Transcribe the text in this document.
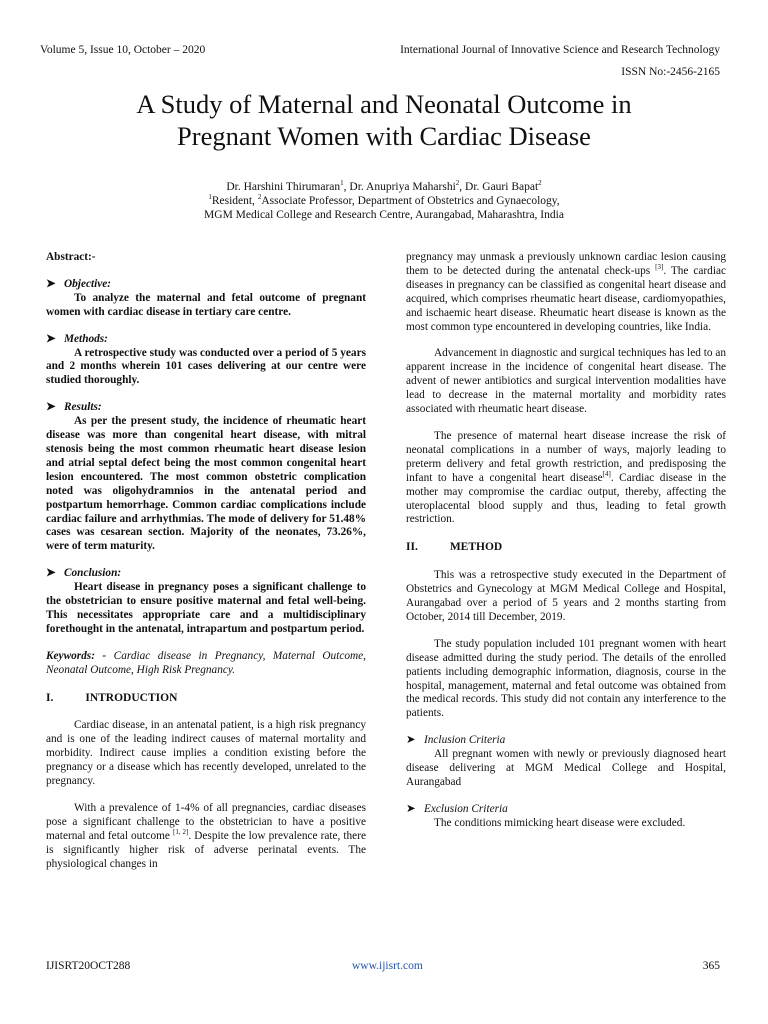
Volume 5, Issue 10, October – 2020	International Journal of Innovative Science and Research Technology
ISSN No:-2456-2165
A Study of Maternal and Neonatal Outcome in
Pregnant Women with Cardiac Disease
Dr. Harshini Thirumaran$^1$, Dr. Anupriya Maharshi$^2$, Dr. Gauri Bapat$^2$
$^1$Resident, $^2$Associate Professor, Department of Obstetrics and Gynaecology,
MGM Medical College and Research Centre, Aurangabad, Maharashtra, India

Abstract:-

➤ Objective:

To analyze the maternal and fetal outcome of pregnant women with cardiac disease in tertiary care centre.

➤ Methods:

A retrospective study was conducted over a period of 5 years and 2 months wherein 101 cases delivering at our centre were studied thoroughly.

➤ Results:

As per the present study, the incidence of rheumatic heart disease was more than congenital heart disease, with mitral stenosis being the most common rheumatic heart disease lesion and atrial septal defect being the most common congenital heart lesion encountered. The most common obstetric complication noted was oligohydramnios in the antenatal period and postpartum hemorrhage. Common cardiac complications include cardiac failure and arrhythmias. The mode of delivery for 51.48% cases was cesarean section. Majority of the neonates, 73.26%, were of term maturity.

➤ Conclusion:

Heart disease in pregnancy poses a significant challenge to the obstetrician to ensure positive maternal and fetal well-being. This necessitates appropriate care and a multidisciplinary forethought in the antenatal, intrapartum and postpartum period.

Keywords: - Cardiac disease in Pregnancy, Maternal Outcome, Neonatal Outcome, High Risk Pregnancy.

I.	INTRODUCTION

Cardiac disease, in an antenatal patient, is a high risk pregnancy and is one of the leading indirect causes of maternal mortality and morbidity. Indirect cause implies a condition existing before the pregnancy or a disease which has recently developed, unrelated to the pregnancy.

With a prevalence of 1-4% of all pregnancies, cardiac diseases pose a significant challenge to the obstetrician to have a positive maternal and fetal outcome [1, 2]. Despite the low prevalence rate, there is significantly higher risk of adverse perinatal events. The physiological changes in

pregnancy may unmask a previously unknown cardiac lesion causing them to be detected during the antenatal check-ups [3]. The cardiac diseases in pregnancy can be classified as congenital heart disease and acquired, which comprises rheumatic heart disease, cardiomyopathies, and ischaemic heart disease. Rheumatic heart disease is known as the most common type encountered in developing countries, like India.

Advancement in diagnostic and surgical techniques has led to an apparent increase in the incidence of congenital heart disease. The advent of newer antibiotics and surgical intervention modalities have lead to decrease in the maternal mortality and morbidity rates associated with rheumatic heart disease.

The presence of maternal heart disease increase the risk of neonatal complications in a number of ways, majorly leading to preterm delivery and fetal growth restriction, and predisposing the infant to have a congenital heart disease[4]. Cardiac disease in the mother may compromise the cardiac output, thereby, affecting the uteroplacental blood supply and thus, leading to fetal growth restriction.

II.	METHOD

This was a retrospective study executed in the Department of Obstetrics and Gynecology at MGM Medical College and Hospital, Aurangabad over a period of 5 years and 2 months starting from October, 2014 till December, 2019.

The study population included 101 pregnant women with heart disease admitted during the study period. The details of the enrolled patients including demographic information, diagnosis, course in the hospital, management, maternal and fetal outcome was obtained from the medical records. This study did not contain any interference to the patients.

➤ Inclusion Criteria

All pregnant women with newly or previously diagnosed heart disease delivering at MGM Medical College and Hospital, Aurangabad

➤ Exclusion Criteria

The conditions mimicking heart disease were excluded.

IJISRT20OCT288	www.ijisrt.com	365
